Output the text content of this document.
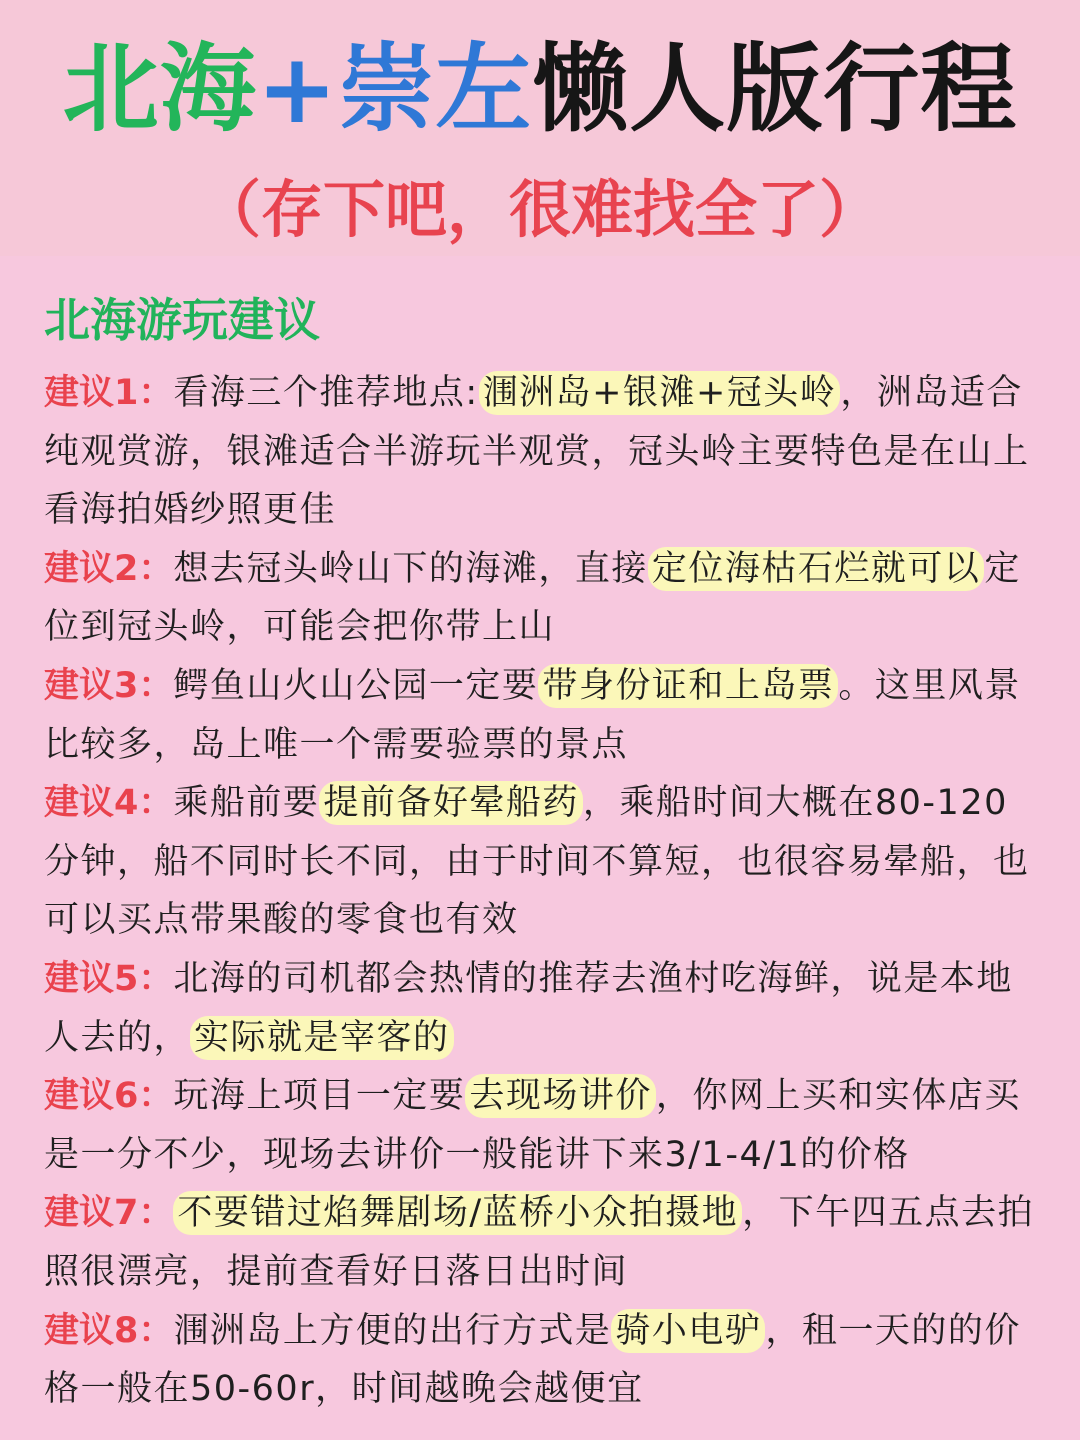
北海+崇左懒人版行程
（存下吧，很难找全了）
北海游玩建议
建议1：看海三个推荐地点: 涠洲岛+银滩+冠头岭 ，洲岛适合纯观赏游，银滩适合半游玩半观赏，冠头岭主要特色是在山上看海拍婚纱照更佳
建议2：想去冠头岭山下的海滩，直接 定位海枯石烂就可以 定位到冠头岭，可能会把你带上山
建议3：鳄鱼山火山公园一定要 带身份证和上岛票 。这里风景比较多，岛上唯一个需要验票的景点
建议4：乘船前要 提前备好晕船药 ，乘船时间大概在80-120分钟，船不同时长不同，由于时间不算短，也很容易晕船，也可以买点带果酸的零食也有效
建议5：北海的司机都会热情的推荐去渔村吃海鲜，说是本地人去的， 实际就是宰客的
建议6：玩海上项目一定要 去现场讲价 ，你网上买和实体店买是一分不少，现场去讲价一般能讲下来3/1-4/1的价格
建议7： 不要错过焰舞剧场/蓝桥小众拍摄地 ，下午四五点去拍照很漂亮，提前查看好日落日出时间
建议8：涠洲岛上方便的出行方式是 骑小电驴 ，租一天的的价格一般在50-60r，时间越晚会越便宜
